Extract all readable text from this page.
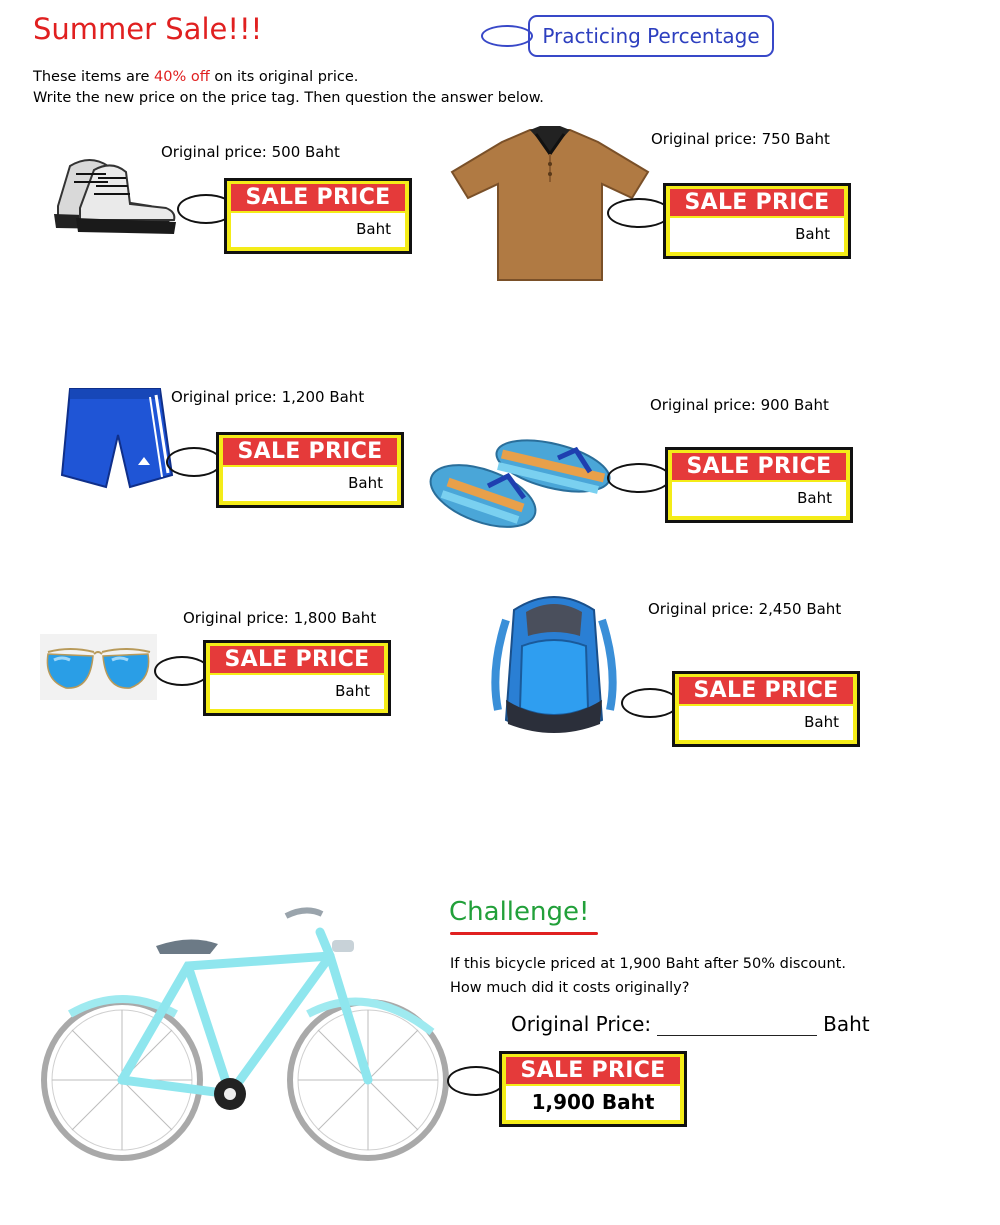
Summer Sale!!!	Practicing Percentage
These items are 40% off on its original price.
Write the new price on the price tag. Then question the answer below.
Original price: 500 Baht
SALE PRICE
Baht
Original price: 750 Baht
SALE PRICE
Baht
Original price: 1,200 Baht
SALE PRICE
Baht
Original price: 900 Baht
SALE PRICE
Baht
Original price: 1,800 Baht
SALE PRICE
Baht
Original price: 2,450 Baht
SALE PRICE
Baht
Challenge!
If this bicycle priced at 1,900 Baht after 50% discount.
How much did it costs originally?
Original Price:	Baht
SALE PRICE
1,900 Baht
